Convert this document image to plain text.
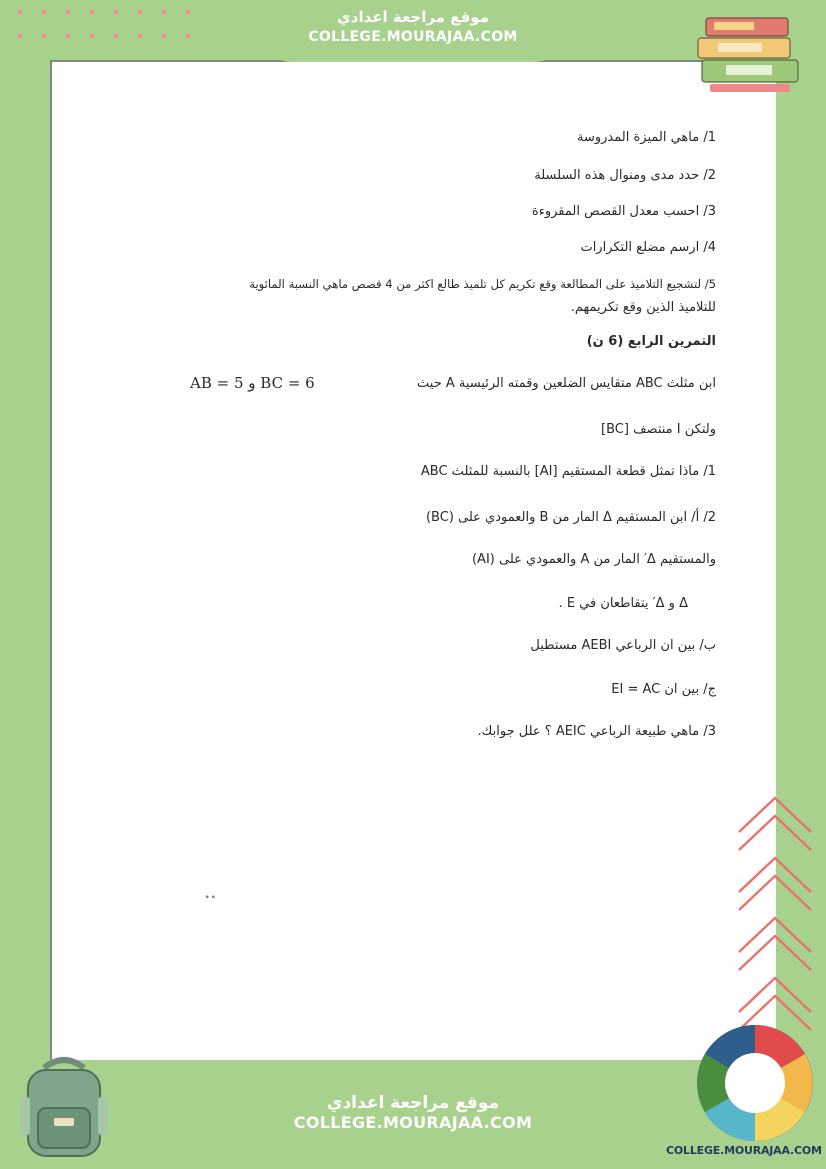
1/ ماهي الميزة المدروسة
2/ حدد مدى ومنوال هذه السلسلة
3/ احسب معدل القصص المقروءة
4/ ارسم مضلع التكرارات
5/ لتشجيع التلاميذ على المطالعة وقع تكريم كل تلميذ طالع اكثر من 4 قصص ماهي النسبة المائوية
للتلاميذ الذين وقع تكريمهم.
التمرين الرابع (6 ن)
ابن مثلث ABC متقايس الضلعين وقمته الرئيسية A حيث
AB = 5 و BC = 6
ولتكن I منتصف [BC]
1/ ماذا تمثل قطعة المستقيم [AI] بالنسبة للمثلث ABC
2/ أ/ ابن المستقيم Δ المار من B والعمودي على (BC)
والمستقيم Δ′ المار من A والعمودي على (AI)
Δ و Δ′ يتقاطعان في E .
ب/ بين ان الرباعي AEBI مستطيل
ج/ بين ان EI = AC
3/ ماهي طبيعة الرباعي AEIC ؟ علل جوابك.
∙∙
موقع مراجعة اعدادي
COLLEGE.MOURAJAA.COM
موقع مراجعة اعدادي
COLLEGE.MOURAJAA.COM
COLLEGE.MOURAJAA.COM
